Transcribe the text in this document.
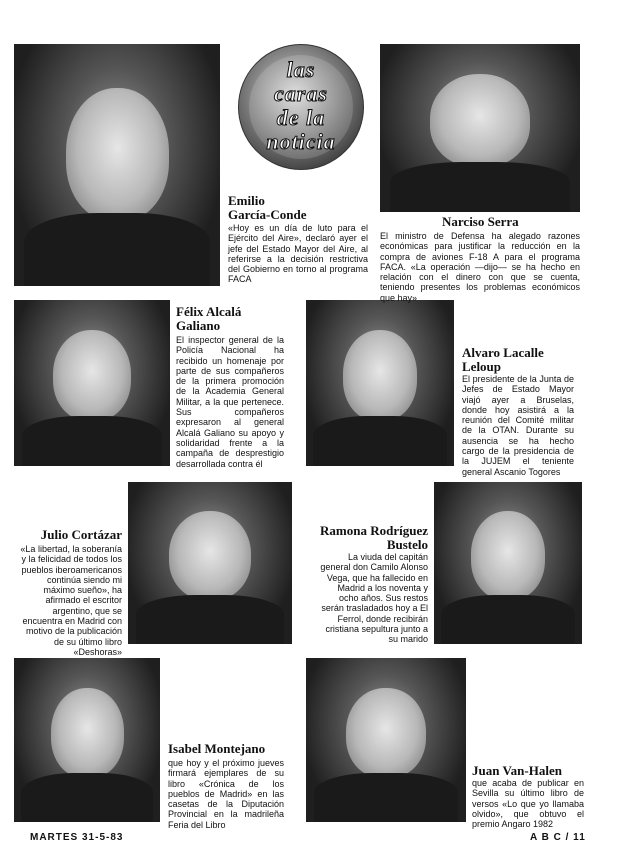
las
caras
de la
noticia
Emilio
García-Conde
«Hoy es un día de luto para el Ejército del Aire», declaró ayer el jefe del Estado Mayor del Aire, al referirse a la decisión restrictiva del Gobierno en torno al programa FACA
Narciso Serra
El ministro de Defensa ha alegado razones económicas para justificar la reducción en la compra de aviones F-18 A para el programa FACA. «La operación —dijo— se ha hecho en relación con el dinero con que se cuenta, teniendo presentes los problemas económicos que hay»
Félix Alcalá
Galiano
El inspector general de la Policía Nacional ha recibido un homenaje por parte de sus compañeros de la primera promoción de la Academia General Militar, a la que pertenece. Sus compañeros expresaron al general Alcalá Galiano su apoyo y solidaridad frente a la campaña de desprestigio desarrollada contra él
Alvaro Lacalle
Leloup
El presidente de la Junta de Jefes de Estado Mayor viajó ayer a Bruselas, donde hoy asistirá a la reunión del Comité militar de la OTAN. Durante su ausencia se ha hecho cargo de la presidencia de la JUJEM el teniente general Ascanio Togores
Julio Cortázar
«La libertad, la soberanía y la felicidad de todos los pueblos iberoamericanos continúa siendo mi máximo sueño», ha afirmado el escritor argentino, que se encuentra en Madrid con motivo de la publicación de su último libro «Deshoras»
Ramona Rodríguez
Bustelo
La viuda del capitán general don Camilo Alonso Vega, que ha fallecido en Madrid a los noventa y ocho años. Sus restos serán trasladados hoy a El Ferrol, donde recibirán cristiana sepultura junto a su marido
Isabel Montejano
que hoy y el próximo jueves firmará ejemplares de su libro «Crónica de los pueblos de Madrid» en las casetas de la Diputación Provincial en la madrileña Feria del Libro
Juan Van-Halen
que acaba de publicar en Sevilla su último libro de versos «Lo que yo llamaba olvido», que obtuvo el premio Angaro 1982
MARTES 31-5-83	A B C / 11
